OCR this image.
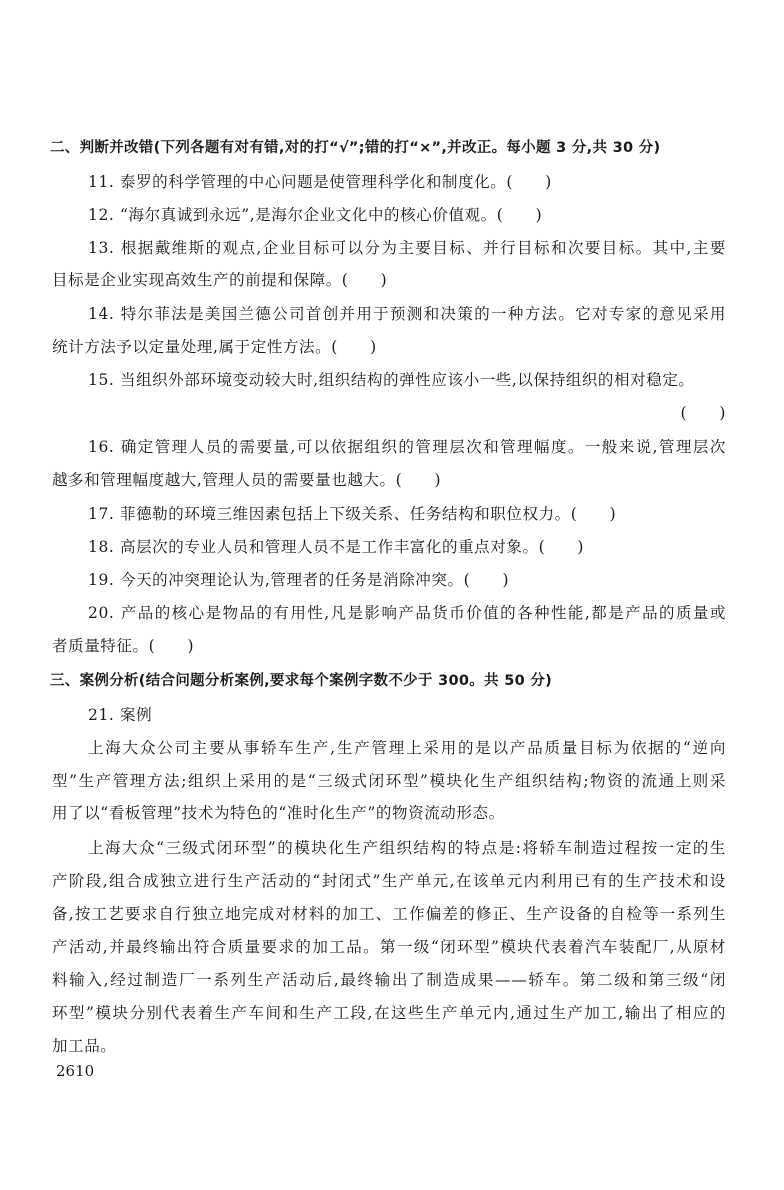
二、判断并改错(下列各题有对有错,对的打“√”;错的打“×”,并改正。每小题 3 分,共 30 分)
11. 泰罗的科学管理的中心问题是使管理科学化和制度化。(　　)
12. “海尔真诚到永远”,是海尔企业文化中的核心价值观。(　　)
13. 根据戴维斯的观点,企业目标可以分为主要目标、并行目标和次要目标。其中,主要
目标是企业实现高效生产的前提和保障。(　　)
14. 特尔菲法是美国兰德公司首创并用于预测和决策的一种方法。它对专家的意见采用
统计方法予以定量处理,属于定性方法。(　　)
15. 当组织外部环境变动较大时,组织结构的弹性应该小一些,以保持组织的相对稳定。
(　　)
16. 确定管理人员的需要量,可以依据组织的管理层次和管理幅度。一般来说,管理层次
越多和管理幅度越大,管理人员的需要量也越大。(　　)
17. 菲德勒的环境三维因素包括上下级关系、任务结构和职位权力。(　　)
18. 高层次的专业人员和管理人员不是工作丰富化的重点对象。(　　)
19. 今天的冲突理论认为,管理者的任务是消除冲突。(　　)
20. 产品的核心是物品的有用性,凡是影响产品货币价值的各种性能,都是产品的质量或
者质量特征。(　　)
三、案例分析(结合问题分析案例,要求每个案例字数不少于 300。共 50 分)
21. 案例
上海大众公司主要从事轿车生产,生产管理上采用的是以产品质量目标为依据的“逆向
型”生产管理方法;组织上采用的是“三级式闭环型”模块化生产组织结构;物资的流通上则采
用了以“看板管理”技术为特色的“准时化生产”的物资流动形态。
上海大众“三级式闭环型”的模块化生产组织结构的特点是:将轿车制造过程按一定的生
产阶段,组合成独立进行生产活动的“封闭式”生产单元,在该单元内利用已有的生产技术和设
备,按工艺要求自行独立地完成对材料的加工、工作偏差的修正、生产设备的自检等一系列生
产活动,并最终输出符合质量要求的加工品。第一级“闭环型”模块代表着汽车装配厂,从原材
料输入,经过制造厂一系列生产活动后,最终输出了制造成果——轿车。第二级和第三级“闭
环型”模块分别代表着生产车间和生产工段,在这些生产单元内,通过生产加工,输出了相应的
加工品。
2610
